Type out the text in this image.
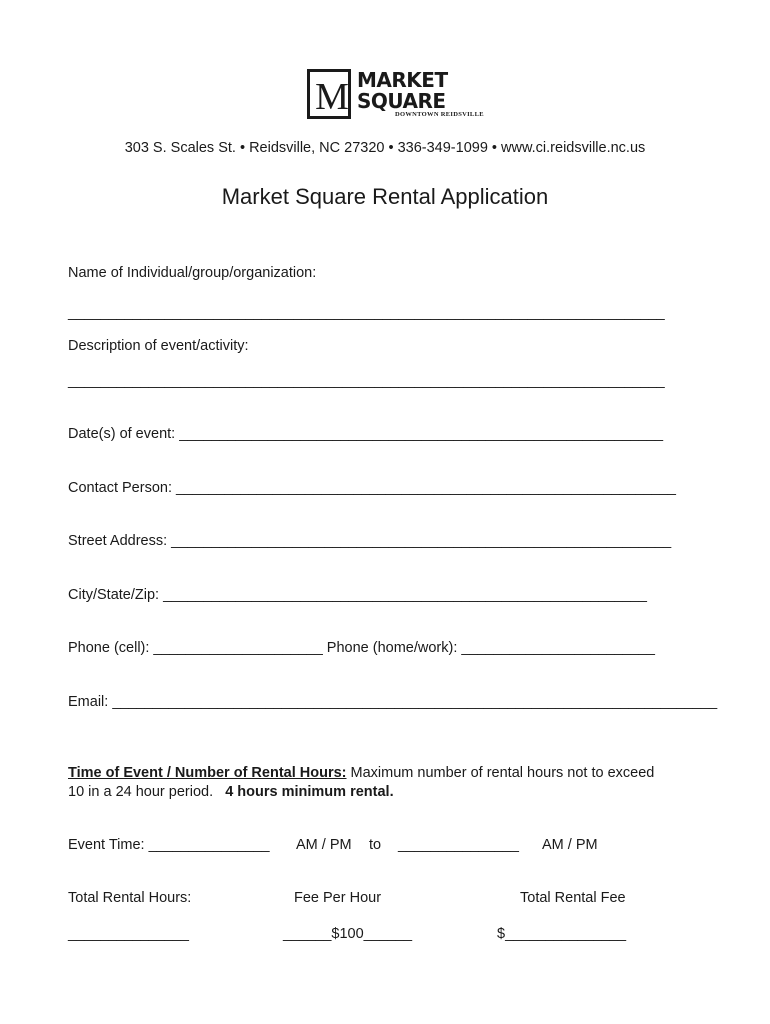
M MARKET
SQUARE
DOWNTOWN REIDSVILLE
303 S. Scales St. • Reidsville, NC 27320 • 336-349-1099 • www.ci.reidsville.nc.us
Market Square Rental Application
Name of Individual/group/organization:
__________________________________________________________________________
Description of event/activity:
__________________________________________________________________________
Date(s) of event: ____________________________________________________________
Contact Person: ______________________________________________________________
Street Address: ______________________________________________________________
City/State/Zip: ____________________________________________________________
Phone (cell): _____________________ Phone (home/work): ________________________
Email: ___________________________________________________________________________
Time of Event / Number of Rental Hours: Maximum number of rental hours not to exceed
10 in a 24 hour period. 4 hours minimum rental.
Event Time: _______________ AM / PM to _______________ AM / PM
Total Rental Hours:	Fee Per Hour	Total Rental Fee
_______________	______$100______	$_______________
